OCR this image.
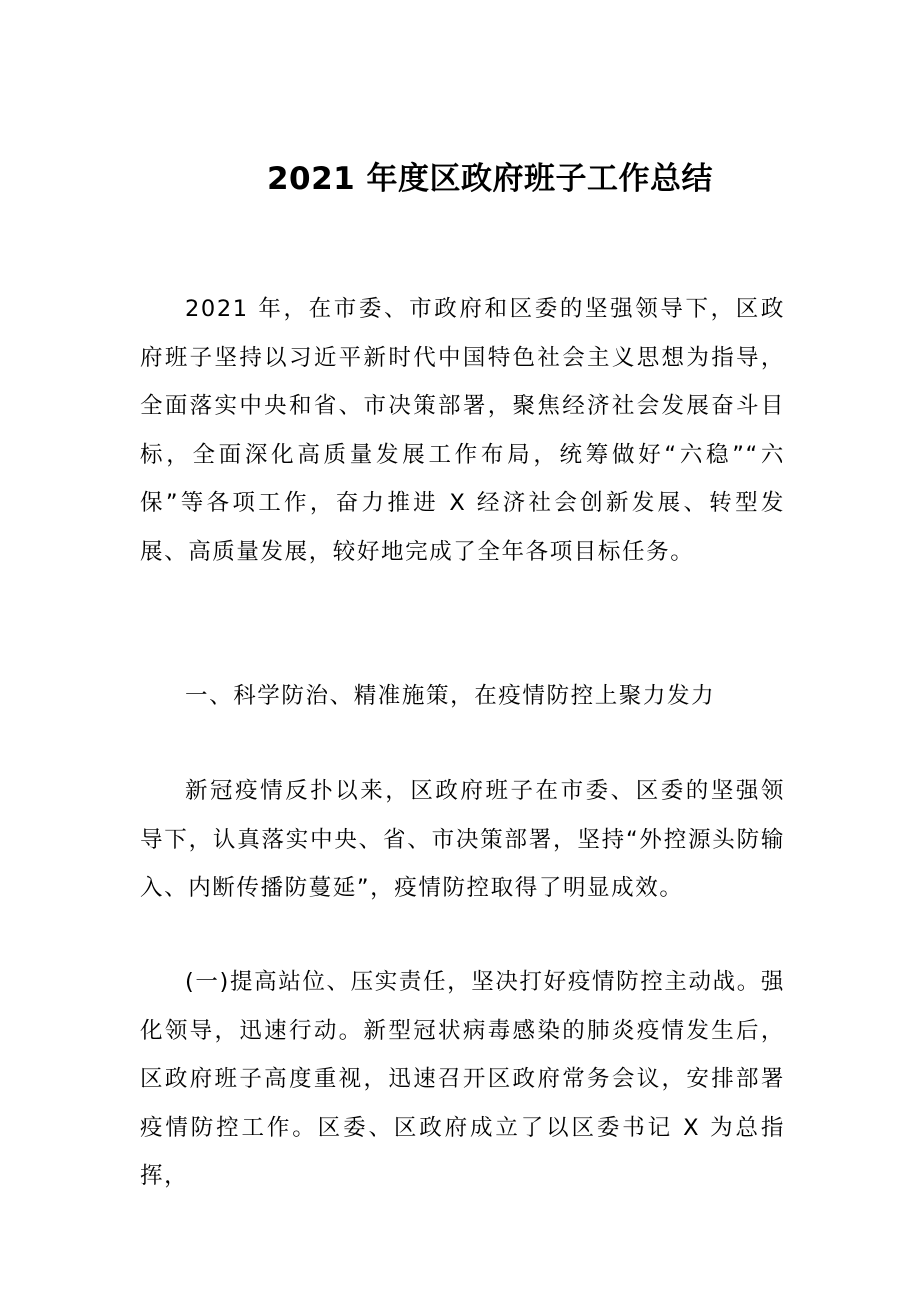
2021 年度区政府班子工作总结

2021 年，在市委、市政府和区委的坚强领导下，区政府班子坚持以习近平新时代中国特色社会主义思想为指导，全面落实中央和省、市决策部署，聚焦经济社会发展奋斗目标，全面深化高质量发展工作布局，统筹做好“六稳”“六保”等各项工作，奋力推进 X 经济社会创新发展、转型发展、高质量发展，较好地完成了全年各项目标任务。

一、科学防治、精准施策，在疫情防控上聚力发力

新冠疫情反扑以来，区政府班子在市委、区委的坚强领导下，认真落实中央、省、市决策部署，坚持“外控源头防输入、内断传播防蔓延”，疫情防控取得了明显成效。

(一)提高站位、压实责任，坚决打好疫情防控主动战。强化领导，迅速行动。新型冠状病毒感染的肺炎疫情发生后，区政府班子高度重视，迅速召开区政府常务会议，安排部署疫情防控工作。区委、区政府成立了以区委书记 X 为总指挥，
